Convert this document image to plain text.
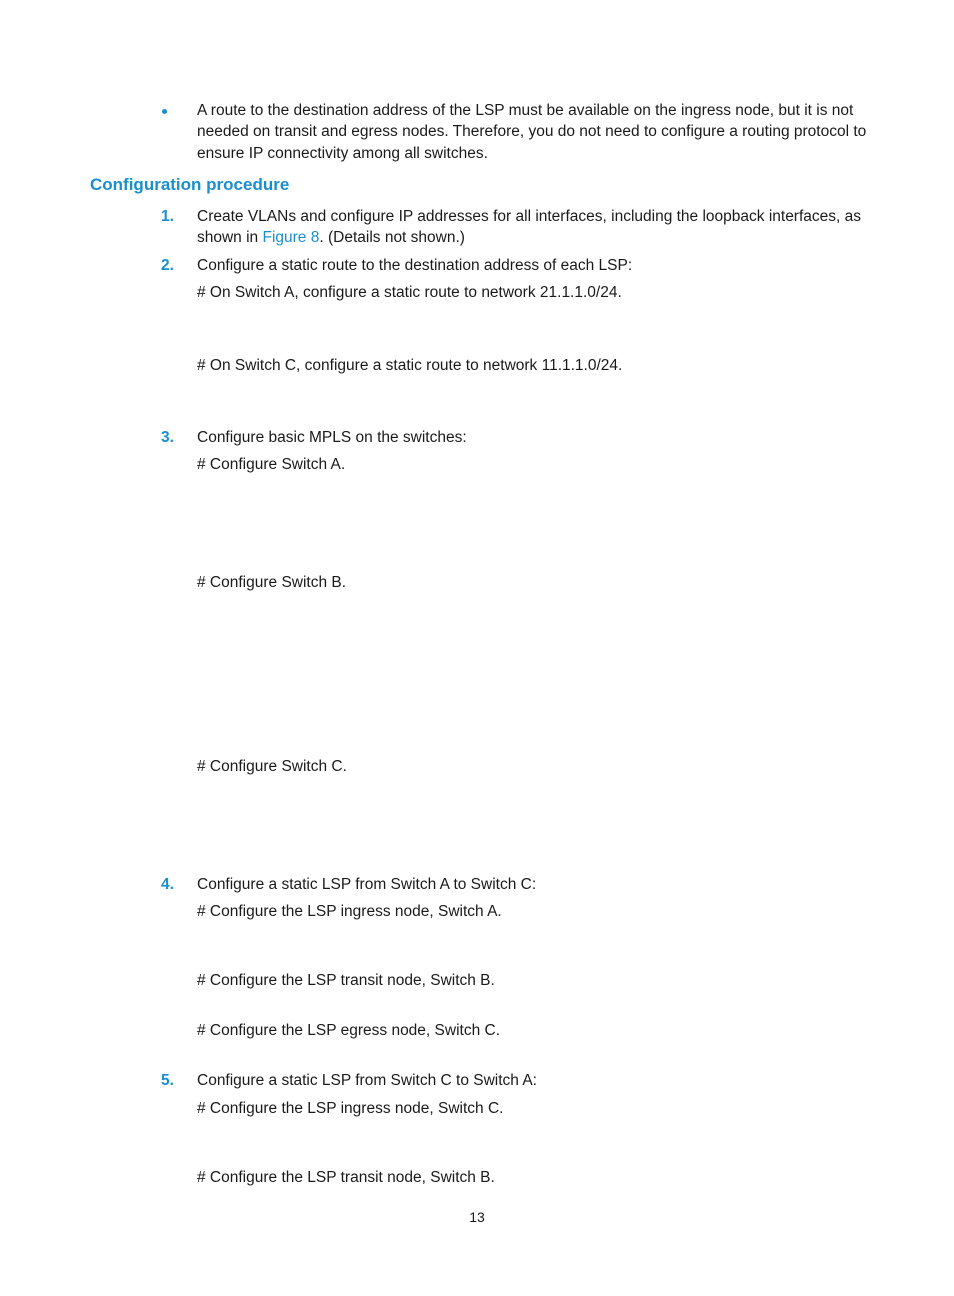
A route to the destination address of the LSP must be available on the ingress node, but it is not
needed on transit and egress nodes. Therefore, you do not need to configure a routing protocol to
ensure IP connectivity among all switches.
Configuration procedure
1. Create VLANs and configure IP addresses for all interfaces, including the loopback interfaces, as
shown in Figure 8. (Details not shown.)
2. Configure a static route to the destination address of each LSP:
# On Switch A, configure a static route to network 21.1.1.0/24.
# On Switch C, configure a static route to network 11.1.1.0/24.
3. Configure basic MPLS on the switches:
# Configure Switch A.
# Configure Switch B.
# Configure Switch C.
4. Configure a static LSP from Switch A to Switch C:
# Configure the LSP ingress node, Switch A.
# Configure the LSP transit node, Switch B.
# Configure the LSP egress node, Switch C.
5. Configure a static LSP from Switch C to Switch A:
# Configure the LSP ingress node, Switch C.
# Configure the LSP transit node, Switch B.
13
